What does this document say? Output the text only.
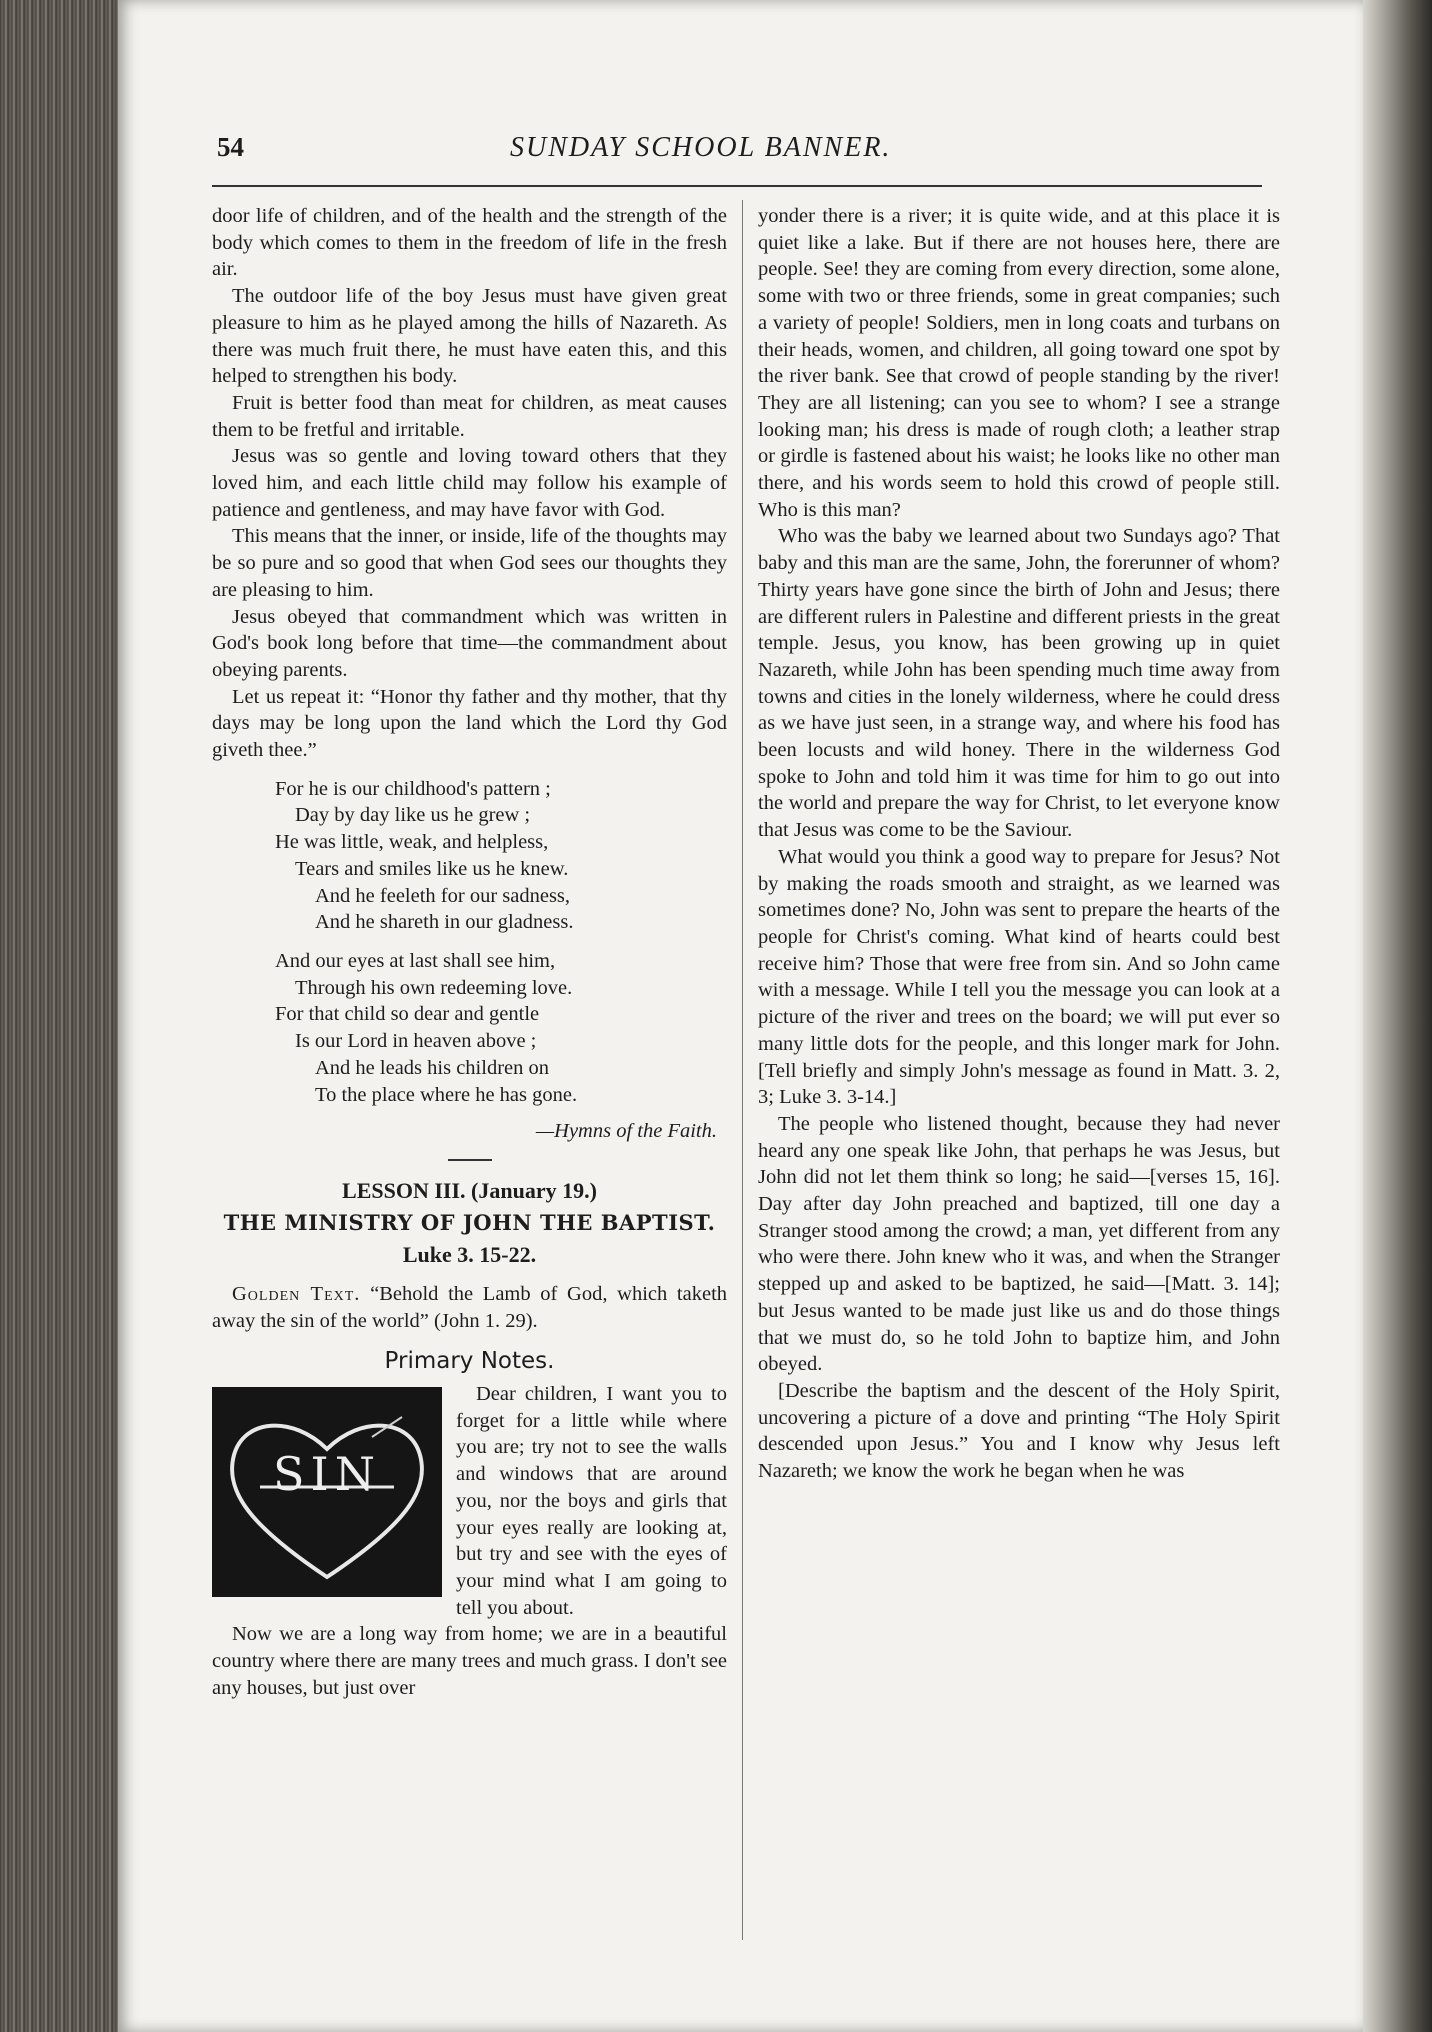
54	SUNDAY SCHOOL BANNER.

door life of children, and of the health and the strength of the body which comes to them in the freedom of life in the fresh air.

The outdoor life of the boy Jesus must have given great pleasure to him as he played among the hills of Nazareth. As there was much fruit there, he must have eaten this, and this helped to strengthen his body.

Fruit is better food than meat for children, as meat causes them to be fretful and irritable.

Jesus was so gentle and loving toward others that they loved him, and each little child may follow his example of patience and gentleness, and may have favor with God.

This means that the inner, or inside, life of the thoughts may be so pure and so good that when God sees our thoughts they are pleasing to him.

Jesus obeyed that commandment which was written in God's book long before that time—the commandment about obeying parents.

Let us repeat it: “Honor thy father and thy mother, that thy days may be long upon the land which the Lord thy God giveth thee.”

For he is our childhood's pattern ;
Day by day like us he grew ;
He was little, weak, and helpless,
Tears and smiles like us he knew.
And he feeleth for our sadness,
And he shareth in our gladness.
And our eyes at last shall see him,
Through his own redeeming love.
For that child so dear and gentle
Is our Lord in heaven above ;
And he leads his children on
To the place where he has gone.
—Hymns of the Faith.
LESSON III. (January 19.)
THE MINISTRY OF JOHN THE BAPTIST.
Luke 3. 15-22.

Golden Text. “Behold the Lamb of God, which taketh away the sin of the world” (John 1. 29).

Primary Notes.
SIN

Dear children, I want you to forget for a little while where you are; try not to see the walls and windows that are around you, nor the boys and girls that your eyes really are looking at, but try and see with the eyes of your mind what I am going to tell you about.

Now we are a long way from home; we are in a beautiful country where there are many trees and much grass. I don't see any houses, but just over

yonder there is a river; it is quite wide, and at this place it is quiet like a lake. But if there are not houses here, there are people. See! they are coming from every direction, some alone, some with two or three friends, some in great companies; such a variety of people! Soldiers, men in long coats and turbans on their heads, women, and children, all going toward one spot by the river bank. See that crowd of people standing by the river! They are all listening; can you see to whom? I see a strange looking man; his dress is made of rough cloth; a leather strap or girdle is fastened about his waist; he looks like no other man there, and his words seem to hold this crowd of people still. Who is this man?

Who was the baby we learned about two Sundays ago? That baby and this man are the same, John, the forerunner of whom? Thirty years have gone since the birth of John and Jesus; there are different rulers in Palestine and different priests in the great temple. Jesus, you know, has been growing up in quiet Nazareth, while John has been spending much time away from towns and cities in the lonely wilderness, where he could dress as we have just seen, in a strange way, and where his food has been locusts and wild honey. There in the wilderness God spoke to John and told him it was time for him to go out into the world and prepare the way for Christ, to let everyone know that Jesus was come to be the Saviour.

What would you think a good way to prepare for Jesus? Not by making the roads smooth and straight, as we learned was sometimes done? No, John was sent to prepare the hearts of the people for Christ's coming. What kind of hearts could best receive him? Those that were free from sin. And so John came with a message. While I tell you the message you can look at a picture of the river and trees on the board; we will put ever so many little dots for the people, and this longer mark for John. [Tell briefly and simply John's message as found in Matt. 3. 2, 3; Luke 3. 3-14.]

The people who listened thought, because they had never heard any one speak like John, that perhaps he was Jesus, but John did not let them think so long; he said—[verses 15, 16]. Day after day John preached and baptized, till one day a Stranger stood among the crowd; a man, yet different from any who were there. John knew who it was, and when the Stranger stepped up and asked to be baptized, he said—[Matt. 3. 14]; but Jesus wanted to be made just like us and do those things that we must do, so he told John to baptize him, and John obeyed.

[Describe the baptism and the descent of the Holy Spirit, uncovering a picture of a dove and printing “The Holy Spirit descended upon Jesus.” You and I know why Jesus left Nazareth; we know the work he began when he was
